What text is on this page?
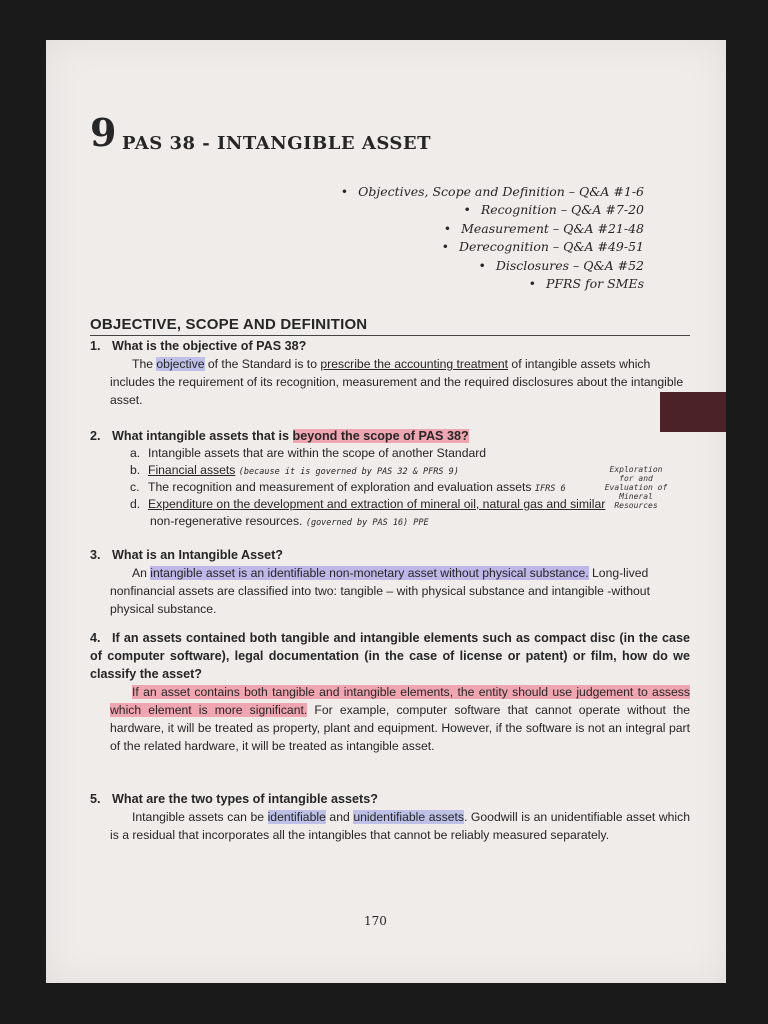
9 PAS 38 - INTANGIBLE ASSET
• Objectives, Scope and Definition – Q&A #1-6
• Recognition – Q&A #7-20
• Measurement – Q&A #21-48
• Derecognition – Q&A #49-51
• Disclosures – Q&A #52
• PFRS for SMEs
OBJECTIVE, SCOPE AND DEFINITION
1. What is the objective of PAS 38?
The objective of the Standard is to prescribe the accounting treatment of intangible assets which includes the requirement of its recognition, measurement and the required disclosures about the intangible asset.
2. What intangible assets that is beyond the scope of PAS 38?
a. Intangible assets that are within the scope of another Standard
b. Financial assets (because it is governed by PAS 32 & PFRS 9)
c. The recognition and measurement of exploration and evaluation assets IFRS 6
Exploration for and Evaluation of Mineral Resources
d. Expenditure on the development and extraction of mineral oil, natural gas and similar
non-regenerative resources. (governed by PAS 16) PPE
3. What is an Intangible Asset?
An intangible asset is an identifiable non-monetary asset without physical substance. Long-lived nonfinancial assets are classified into two: tangible – with physical substance and intangible -without physical substance.
4. If an assets contained both tangible and intangible elements such as compact disc (in the case of computer software), legal documentation (in the case of license or patent) or film, how do we classify the asset?
If an asset contains both tangible and intangible elements, the entity should use judgement to assess which element is more significant. For example, computer software that cannot operate without the hardware, it will be treated as property, plant and equipment. However, if the software is not an integral part of the related hardware, it will be treated as intangible asset.
5. What are the two types of intangible assets?
Intangible assets can be identifiable and unidentifiable assets. Goodwill is an unidentifiable asset which is a residual that incorporates all the intangibles that cannot be reliably measured separately.
170
